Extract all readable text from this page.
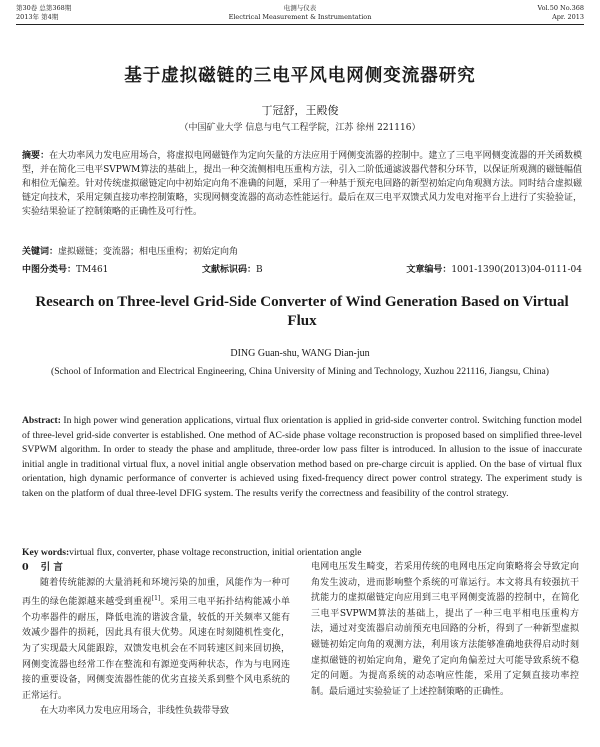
第30卷 总第368期
2013年 第4期
电测与仪表
Electrical Measurement & Instrumentation
Vol.50 No.368
Apr. 2013
基于虚拟磁链的三电平风电网侧变流器研究
丁冠舒，王殿俊
（中国矿业大学 信息与电气工程学院，江苏 徐州 221116）
摘要：在大功率风力发电应用场合，将虚拟电网磁链作为定向矢量的方法应用于网侧变流器的控制中。建立了三电平网侧变流器的开关函数模型，并在简化三电平SVPWM算法的基础上，提出一种交流侧相电压重构方法，引入二阶低通滤波器代替积分环节，以保证所观测的磁链幅值和相位无偏差。针对传统虚拟磁链定向中初始定向角不准确的问题，采用了一种基于预充电回路的新型初始定向角观测方法。同时结合虚拟磁链定向技术，采用定频直接功率控制策略，实现网侧变流器的高动态性能运行。最后在双三电平双馈式风力发电对拖平台上进行了实验验证，实验结果验证了控制策略的正确性及可行性。
关键词：虚拟磁链；变流器；相电压重构；初始定向角
中图分类号：TM461	文献标识码：B	文章编号：1001-1390(2013)04-0111-04
Research on Three-level Grid-Side Converter of Wind Generation Based on Virtual Flux
DING Guan-shu, WANG Dian-jun
(School of Information and Electrical Engineering, China University of Mining and Technology, Xuzhou 221116, Jiangsu, China)
Abstract: In high power wind generation applications, virtual flux orientation is applied in grid-side converter control. Switching function model of three-level grid-side converter is established. One method of AC-side phase voltage reconstruction is proposed based on simplified three-level SVPWM algorithm. In order to steady the phase and amplitude, three-order low pass filter is introduced. In allusion to the issue of inaccurate initial angle in traditional virtual flux, a novel initial angle observation method based on pre-charge circuit is applied. On the base of virtual flux orientation, high dynamic performance of converter is achieved using fixed-frequency direct power control strategy. The experiment study is taken on the platform of dual three-level DFIG system. The results verify the correctness and feasibility of the control strategy.
Key words:virtual flux, converter, phase voltage reconstruction, initial orientation angle
0 引 言

随着传统能源的大量消耗和环境污染的加重，风能作为一种可再生的绿色能源越来越受到重视[1]。采用三电平拓扑结构能减小单个功率器件的耐压，降低电流的谐波含量，较低的开关频率又能有效减少器件的损耗，因此具有很大优势。风速在时刻随机性变化，为了实现最大风能跟踪，双馈发电机会在不同转速区间来回切换，网侧变流器也经常工作在整流和有源逆变两种状态，作为与电网连接的重要设备，网侧变流器性能的优劣直接关系到整个风电系统的正常运行。

在大功率风力发电应用场合，非线性负载带导致

电网电压发生畸变，若采用传统的电网电压定向策略将会导致定向角发生波动，进而影响整个系统的可靠运行。本文将具有较强抗干扰能力的虚拟磁链定向应用到三电平网侧变流器的控制中，在简化三电平SVPWM算法的基础上，提出了一种三电平相电压重构方法，通过对变流器启动前预充电回路的分析，得到了一种新型虚拟磁链初始定向角的观测方法，利用该方法能够准确地获得启动时刻虚拟磁链的初始定向角，避免了定向角偏差过大可能导致系统不稳定的问题。为提高系统的动态响应性能，采用了定频直接功率控制。最后通过实验验证了上述控制策略的正确性。
